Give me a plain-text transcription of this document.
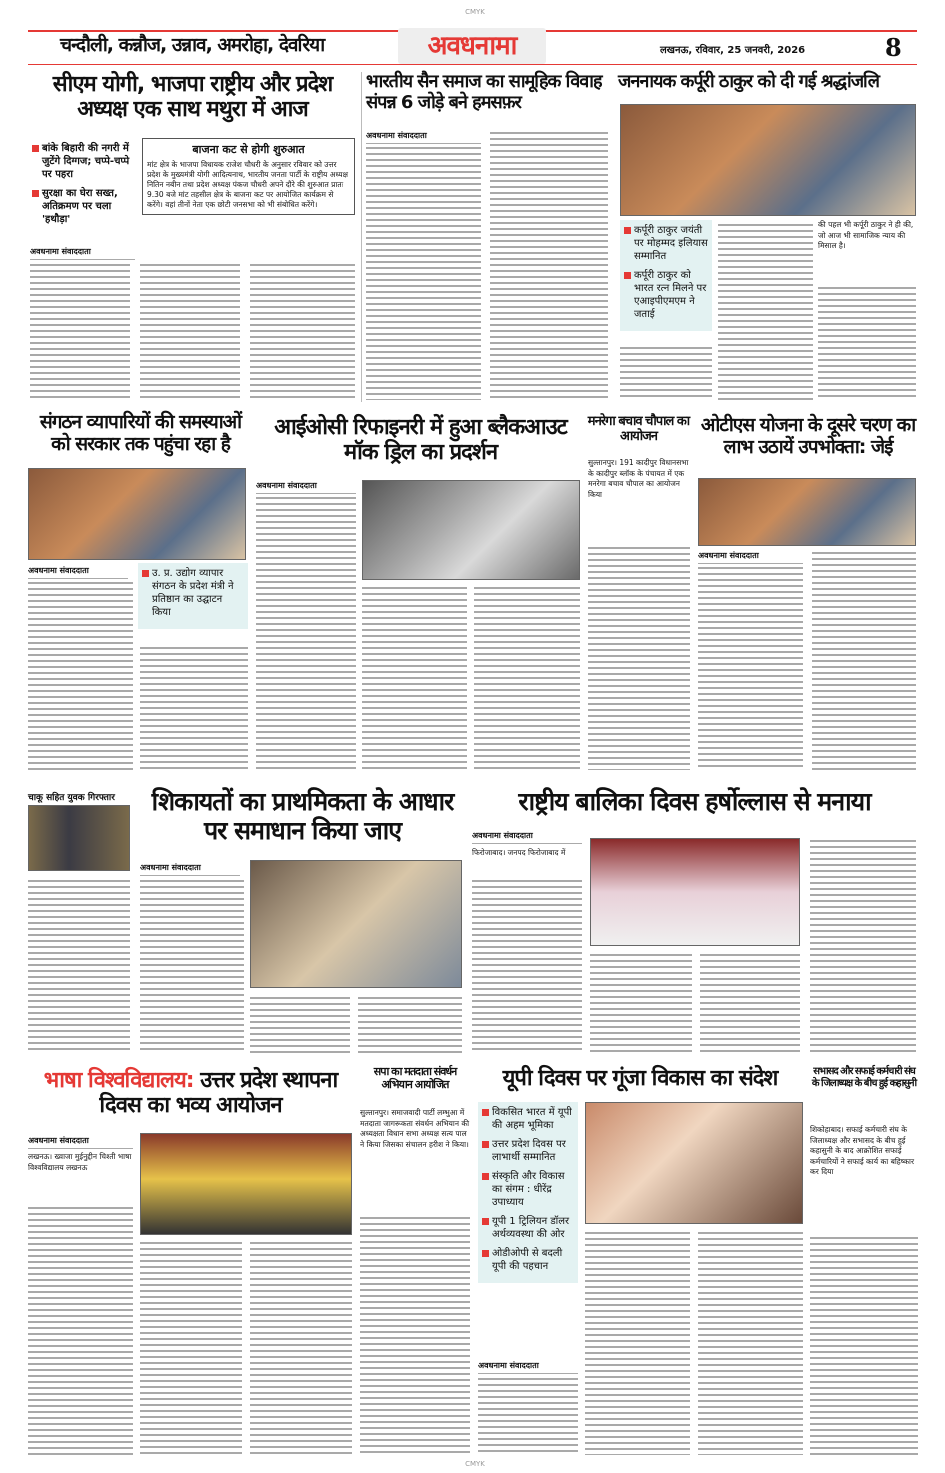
CMYK
चन्दौली, कन्नौज, उन्नाव, अमरोहा, देवरिया	अवधनामा	लखनऊ, रविवार, 25 जनवरी, 2026	8
सीएम योगी, भाजपा राष्ट्रीय और प्रदेश अध्यक्ष एक साथ मथुरा में आज
बांके बिहारी की नगरी में जुटेंगे दिग्गज; चप्पे-चप्पे पर पहरा
सुरक्षा का घेरा सख्त, अतिक्रमण पर चला 'हथौड़ा'
अवधनामा संवाददाता
बाजना कट से होगी शुरुआत

मांट क्षेत्र के भाजपा विधायक राजेश चौधरी के अनुसार रविवार को उत्तर प्रदेश के मुख्यमंत्री योगी आदित्यनाथ, भारतीय जनता पार्टी के राष्ट्रीय अध्यक्ष नितिन नबीन तथा प्रदेश अध्यक्ष पंकज चौधरी अपने दौरे की शुरुआत प्रातः 9.30 बजे मांट तहसील क्षेत्र के बाजना कट पर आयोजित कार्यक्रम से करेंगे। वहां तीनों नेता एक छोटी जनसभा को भी संबोधित करेंगे।

भारतीय सैन समाज का सामूहिक विवाह संपन्न 6 जोड़े बने हमसफ़र
अवधनामा संवाददाता
जननायक कर्पूरी ठाकुर को दी गई श्रद्धांजलि
कर्पूरी ठाकुर जयंती पर मोहम्मद इलियास सम्मानित
कर्पूरी ठाकुर को भारत रत्न मिलने पर एआइपीएमएम ने जताई
की पहल भी कर्पूरी ठाकुर ने ही की, जो आज भी सामाजिक न्याय की मिसाल है।
संगठन व्यापारियों की समस्याओं को सरकार तक पहुंचा रहा है
अवधनामा संवाददाता	उ. प्र. उद्योग व्यापार संगठन के प्रदेश मंत्री ने प्रतिष्ठान का उद्घाटन किया
आईओसी रिफाइनरी में हुआ ब्लैकआउट मॉक ड्रिल का प्रदर्शन
अवधनामा संवाददाता
मनरेगा बचाव चौपाल का आयोजन
सुल्तानपुर। 191 कादीपुर विधानसभा के कादीपुर ब्लॉक के पंचायत में एक मनरेगा बचाव चौपाल का आयोजन किया
ओटीएस योजना के दूसरे चरण का लाभ उठायें उपभोक्ता: जेई
अवधनामा संवाददाता
चाकू सहित युवक गिरफ्तार	शिकायतों का प्राथमिकता के आधार पर समाधान किया जाए
अवधनामा संवाददाता
राष्ट्रीय बालिका दिवस हर्षोल्लास से मनाया
अवधनामा संवाददाता
फिरोजाबाद। जनपद फिरोजाबाद में
भाषा विश्वविद्यालय: उत्तर प्रदेश स्थापना दिवस का भव्य आयोजन
अवधनामा संवाददाता
लखनऊ। ख्वाजा मुईनुद्दीन चिश्ती भाषा विश्वविद्यालय लखनऊ
सपा का मतदाता संवर्धन अभियान आयोजित
सुल्तानपुर। समाजवादी पार्टी लम्भुआ में मतदाता जागरूकता संवर्धन अभियान की अध्यक्षता विधान सभा अध्यक्ष सत्य पाल ने किया जिसका संचालन हरीश ने किया।
यूपी दिवस पर गूंजा विकास का संदेश
विकसित भारत में यूपी की अहम भूमिका
उत्तर प्रदेश दिवस पर लाभार्थी सम्मानित
संस्कृति और विकास का संगम : धीरेंद्र उपाध्याय
यूपी 1 ट्रिलियन डॉलर अर्थव्यवस्था की ओर
ओडीओपी से बदली यूपी की पहचान
अवधनामा संवाददाता
सभासद और सफाई कर्मचारी संघ के जिलाध्यक्ष के बीच हुई कहासुनी
शिकोहाबाद। सफाई कर्मचारी संघ के जिलाध्यक्ष और सभासद के बीच हुई कहासुनी के बाद आक्रोशित सफाई कर्मचारियों ने सफाई कार्य का बहिष्कार कर दिया
CMYK
